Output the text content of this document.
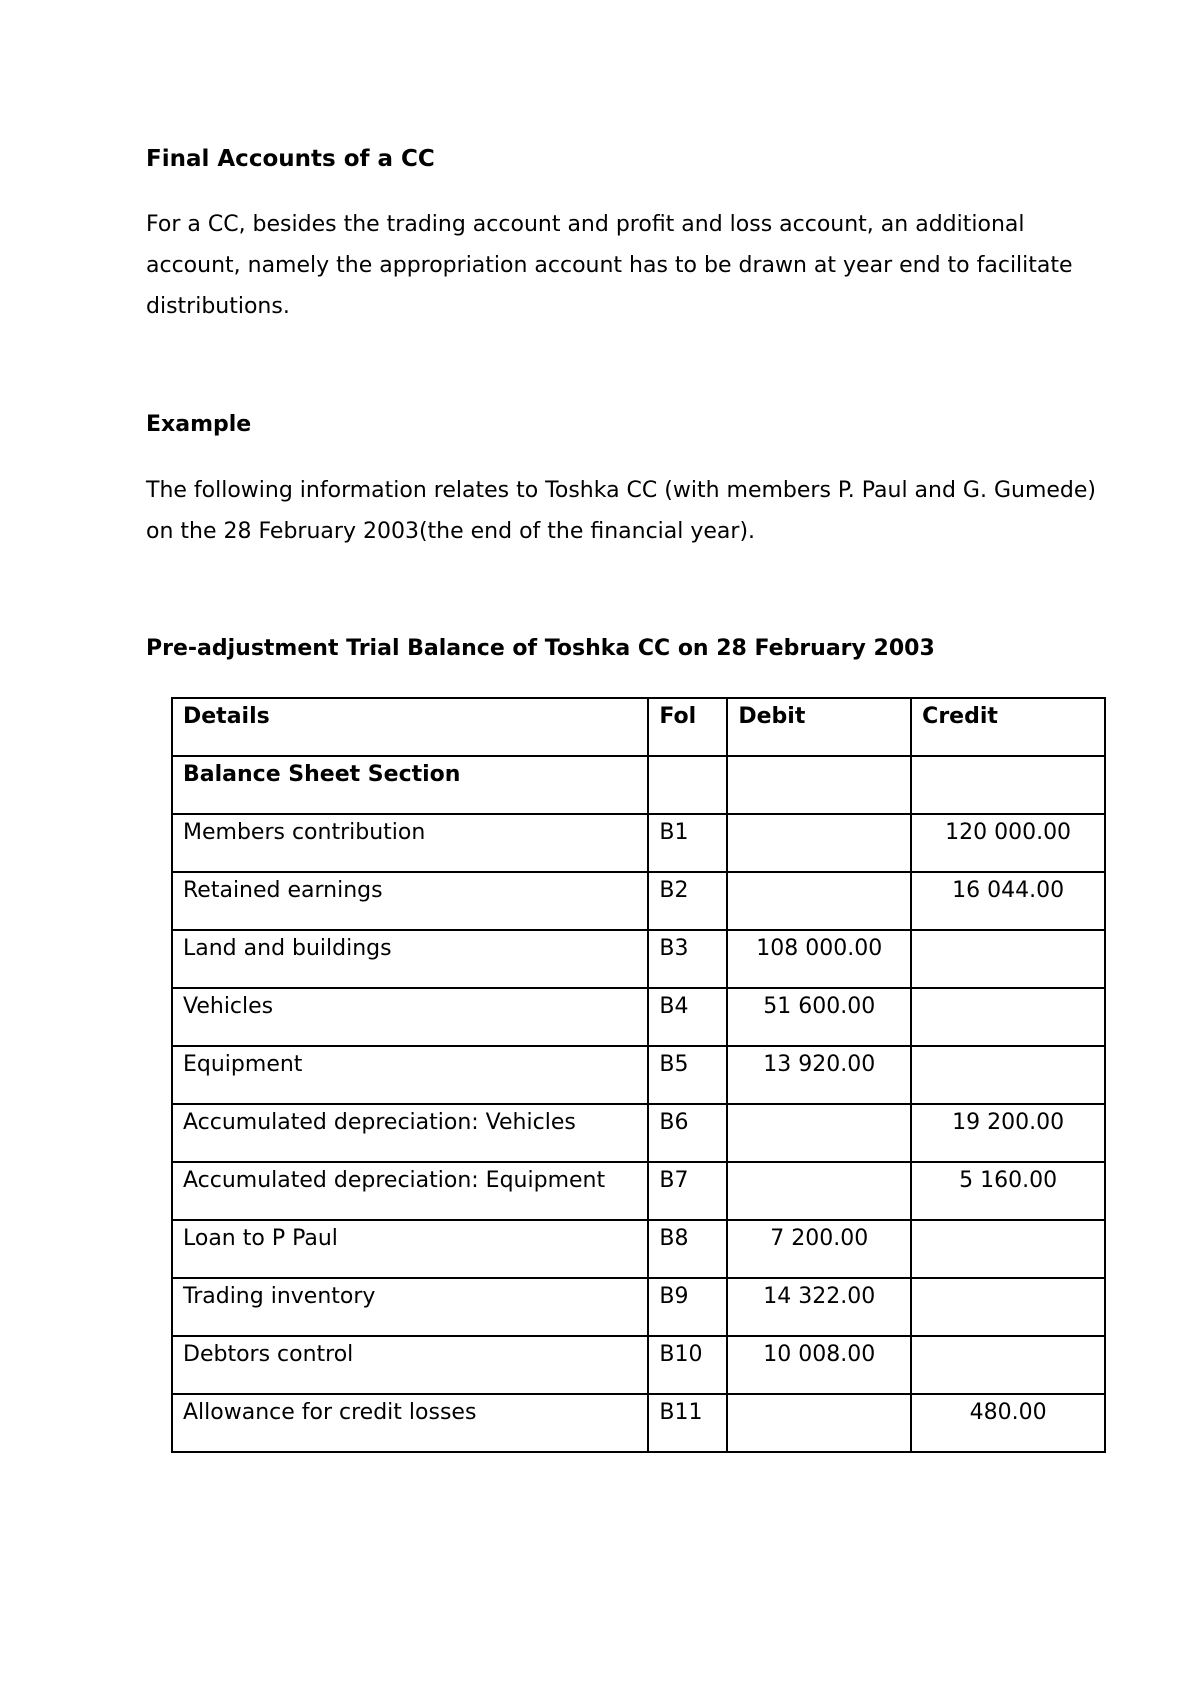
Final Accounts of a CC

For a CC, besides the trading account and profit and loss account, an additional account, namely the appropriation account has to be drawn at year end to facilitate distributions.

Example

The following information relates to Toshka CC (with members P. Paul and G. Gumede) on the 28 February 2003(the end of the financial year).

Pre-adjustment Trial Balance of Toshka CC on 28 February 2003
Details	Fol	Debit	Credit
Balance Sheet Section			
Members contribution	B1		120 000.00
Retained earnings	B2		16 044.00
Land and buildings	B3	108 000.00	
Vehicles	B4	51 600.00	
Equipment	B5	13 920.00	
Accumulated depreciation: Vehicles	B6		19 200.00
Accumulated depreciation: Equipment	B7		5 160.00
Loan to P Paul	B8	7 200.00	
Trading inventory	B9	14 322.00	
Debtors control	B10	10 008.00	
Allowance for credit losses	B11		480.00
